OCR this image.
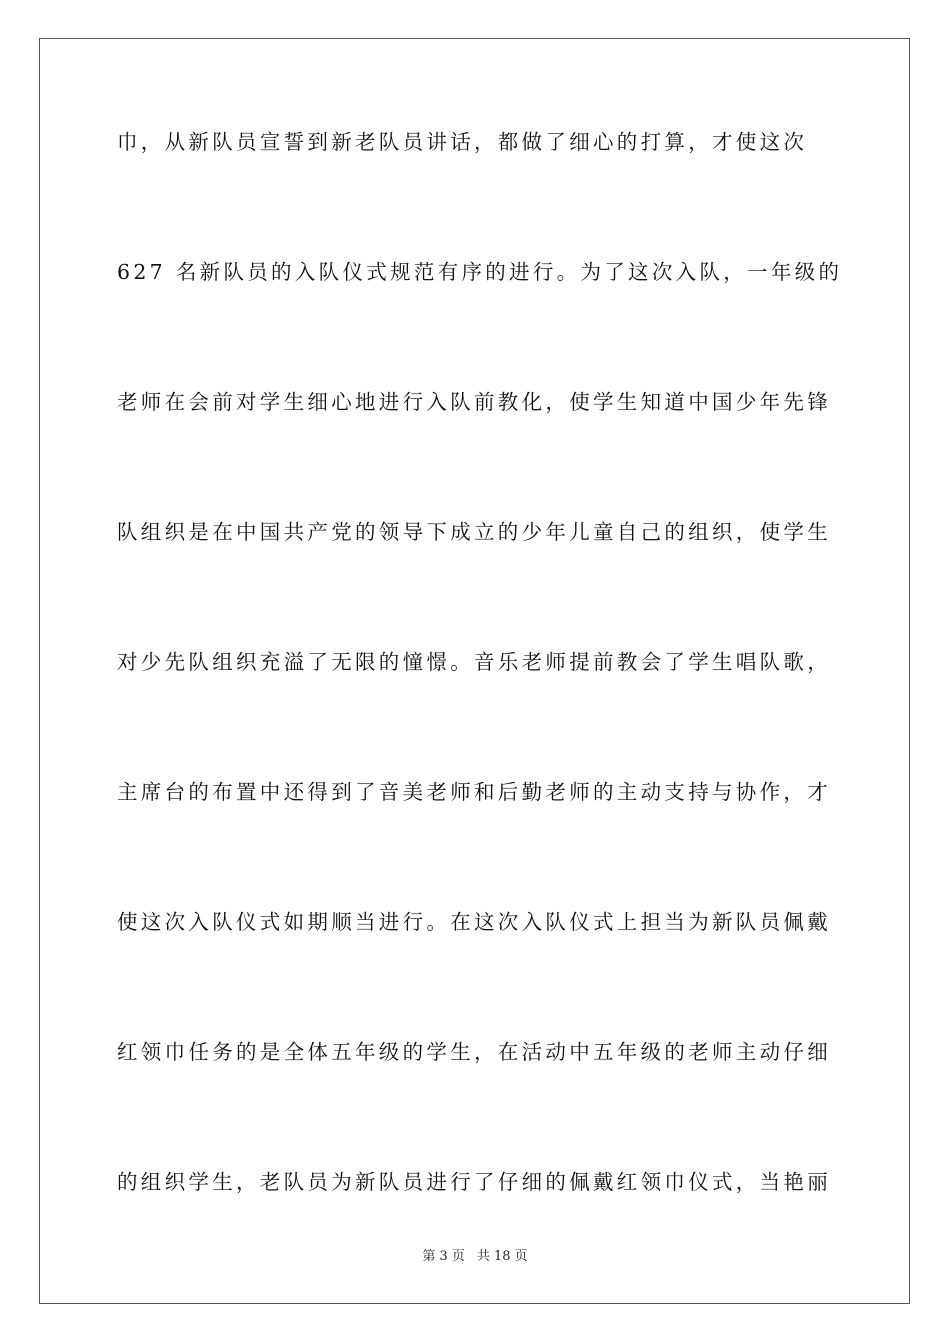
巾，从新队员宣誓到新老队员讲话，都做了细心的打算，才使这次

627 名新队员的入队仪式规范有序的进行。为了这次入队，一年级的

老师在会前对学生细心地进行入队前教化，使学生知道中国少年先锋

队组织是在中国共产党的领导下成立的少年儿童自己的组织，使学生

对少先队组织充溢了无限的憧憬。音乐老师提前教会了学生唱队歌，

主席台的布置中还得到了音美老师和后勤老师的主动支持与协作，才

使这次入队仪式如期顺当进行。在这次入队仪式上担当为新队员佩戴

红领巾任务的是全体五年级的学生，在活动中五年级的老师主动仔细

的组织学生，老队员为新队员进行了仔细的佩戴红领巾仪式，当艳丽

第 3 页 共 18 页
